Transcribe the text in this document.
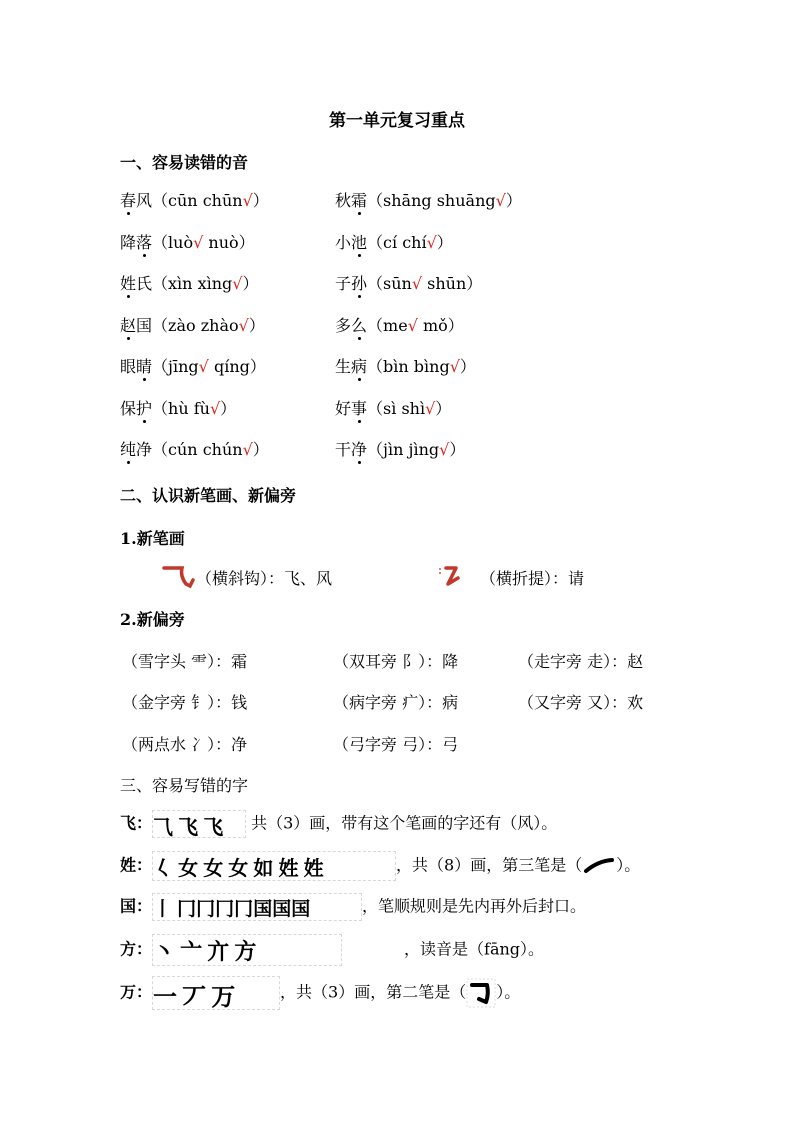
第一单元复习重点
一、容易读错的音
春风（cūn chūn√）	秋霜（shāng shuāng√）
降落（luò√ nuò）	小池（cí chí√）
姓氏（xìn xìng√）	子孙（sūn√ shūn）
赵国（zào zhào√）	多么（me√ mǒ）
眼睛（jīng√ qíng）	生病（bìn bìng√）
保护（hù fù√）	好事（sì shì√）
纯净（cún chún√）	干净（jìn jìng√）
二、认识新笔画、新偏旁
1.新笔画
（横斜钩）：飞、风	（横折提）：请
2.新偏旁
（雪字头 ⻗）：霜	（双耳旁 阝）：降	（走字旁 走）：赵
（金字旁 钅）：钱	（病字旁 疒）：病	（又字旁 又）：欢
（两点水 冫）：净	（弓字旁 弓）：弓
三、容易写错的字
飞：⺄ 飞 飞 共（3）画，带有这个笔画的字还有（风）。
姓：𡿨 女 女 女 如 姓 姓	，共（8）画，第三笔是（ ）。
国：丨 冂冂冂冂国国国	，笔顺规则是先内再外后封口。
方：丶 亠 亣 方	，读音是（fāng）。
万：一 丆 万	，共（3）画，第二笔是（ ）。
